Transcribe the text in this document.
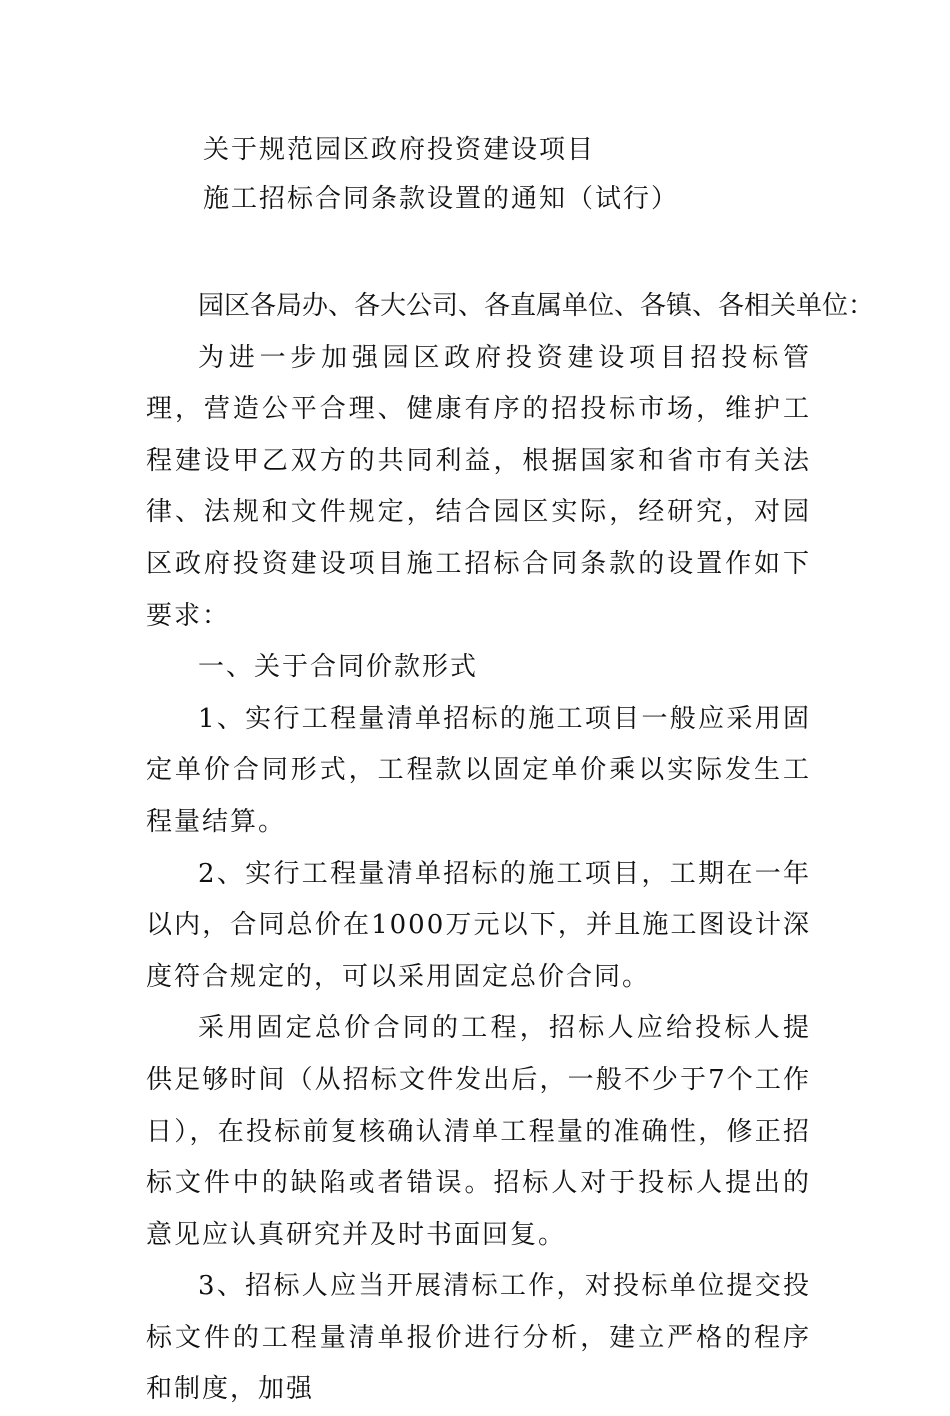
关于规范园区政府投资建设项目
施工招标合同条款设置的通知（试行）

园区各局办、各大公司、各直属单位、各镇、各相关单位：

为进一步加强园区政府投资建设项目招投标管理，营造公平合理、健康有序的招投标市场，维护工程建设甲乙双方的共同利益，根据国家和省市有关法律、法规和文件规定，结合园区实际，经研究，对园区政府投资建设项目施工招标合同条款的设置作如下要求：

一、关于合同价款形式

1、实行工程量清单招标的施工项目一般应采用固定单价合同形式，工程款以固定单价乘以实际发生工程量结算。

2、实行工程量清单招标的施工项目，工期在一年以内，合同总价在1000万元以下，并且施工图设计深度符合规定的，可以采用固定总价合同。

采用固定总价合同的工程，招标人应给投标人提供足够时间（从招标文件发出后，一般不少于7个工作日），在投标前复核确认清单工程量的准确性，修正招标文件中的缺陷或者错误。招标人对于投标人提出的意见应认真研究并及时书面回复。

3、招标人应当开展清标工作，对投标单位提交投标文件的工程量清单报价进行分析，建立严格的程序和制度，加强
